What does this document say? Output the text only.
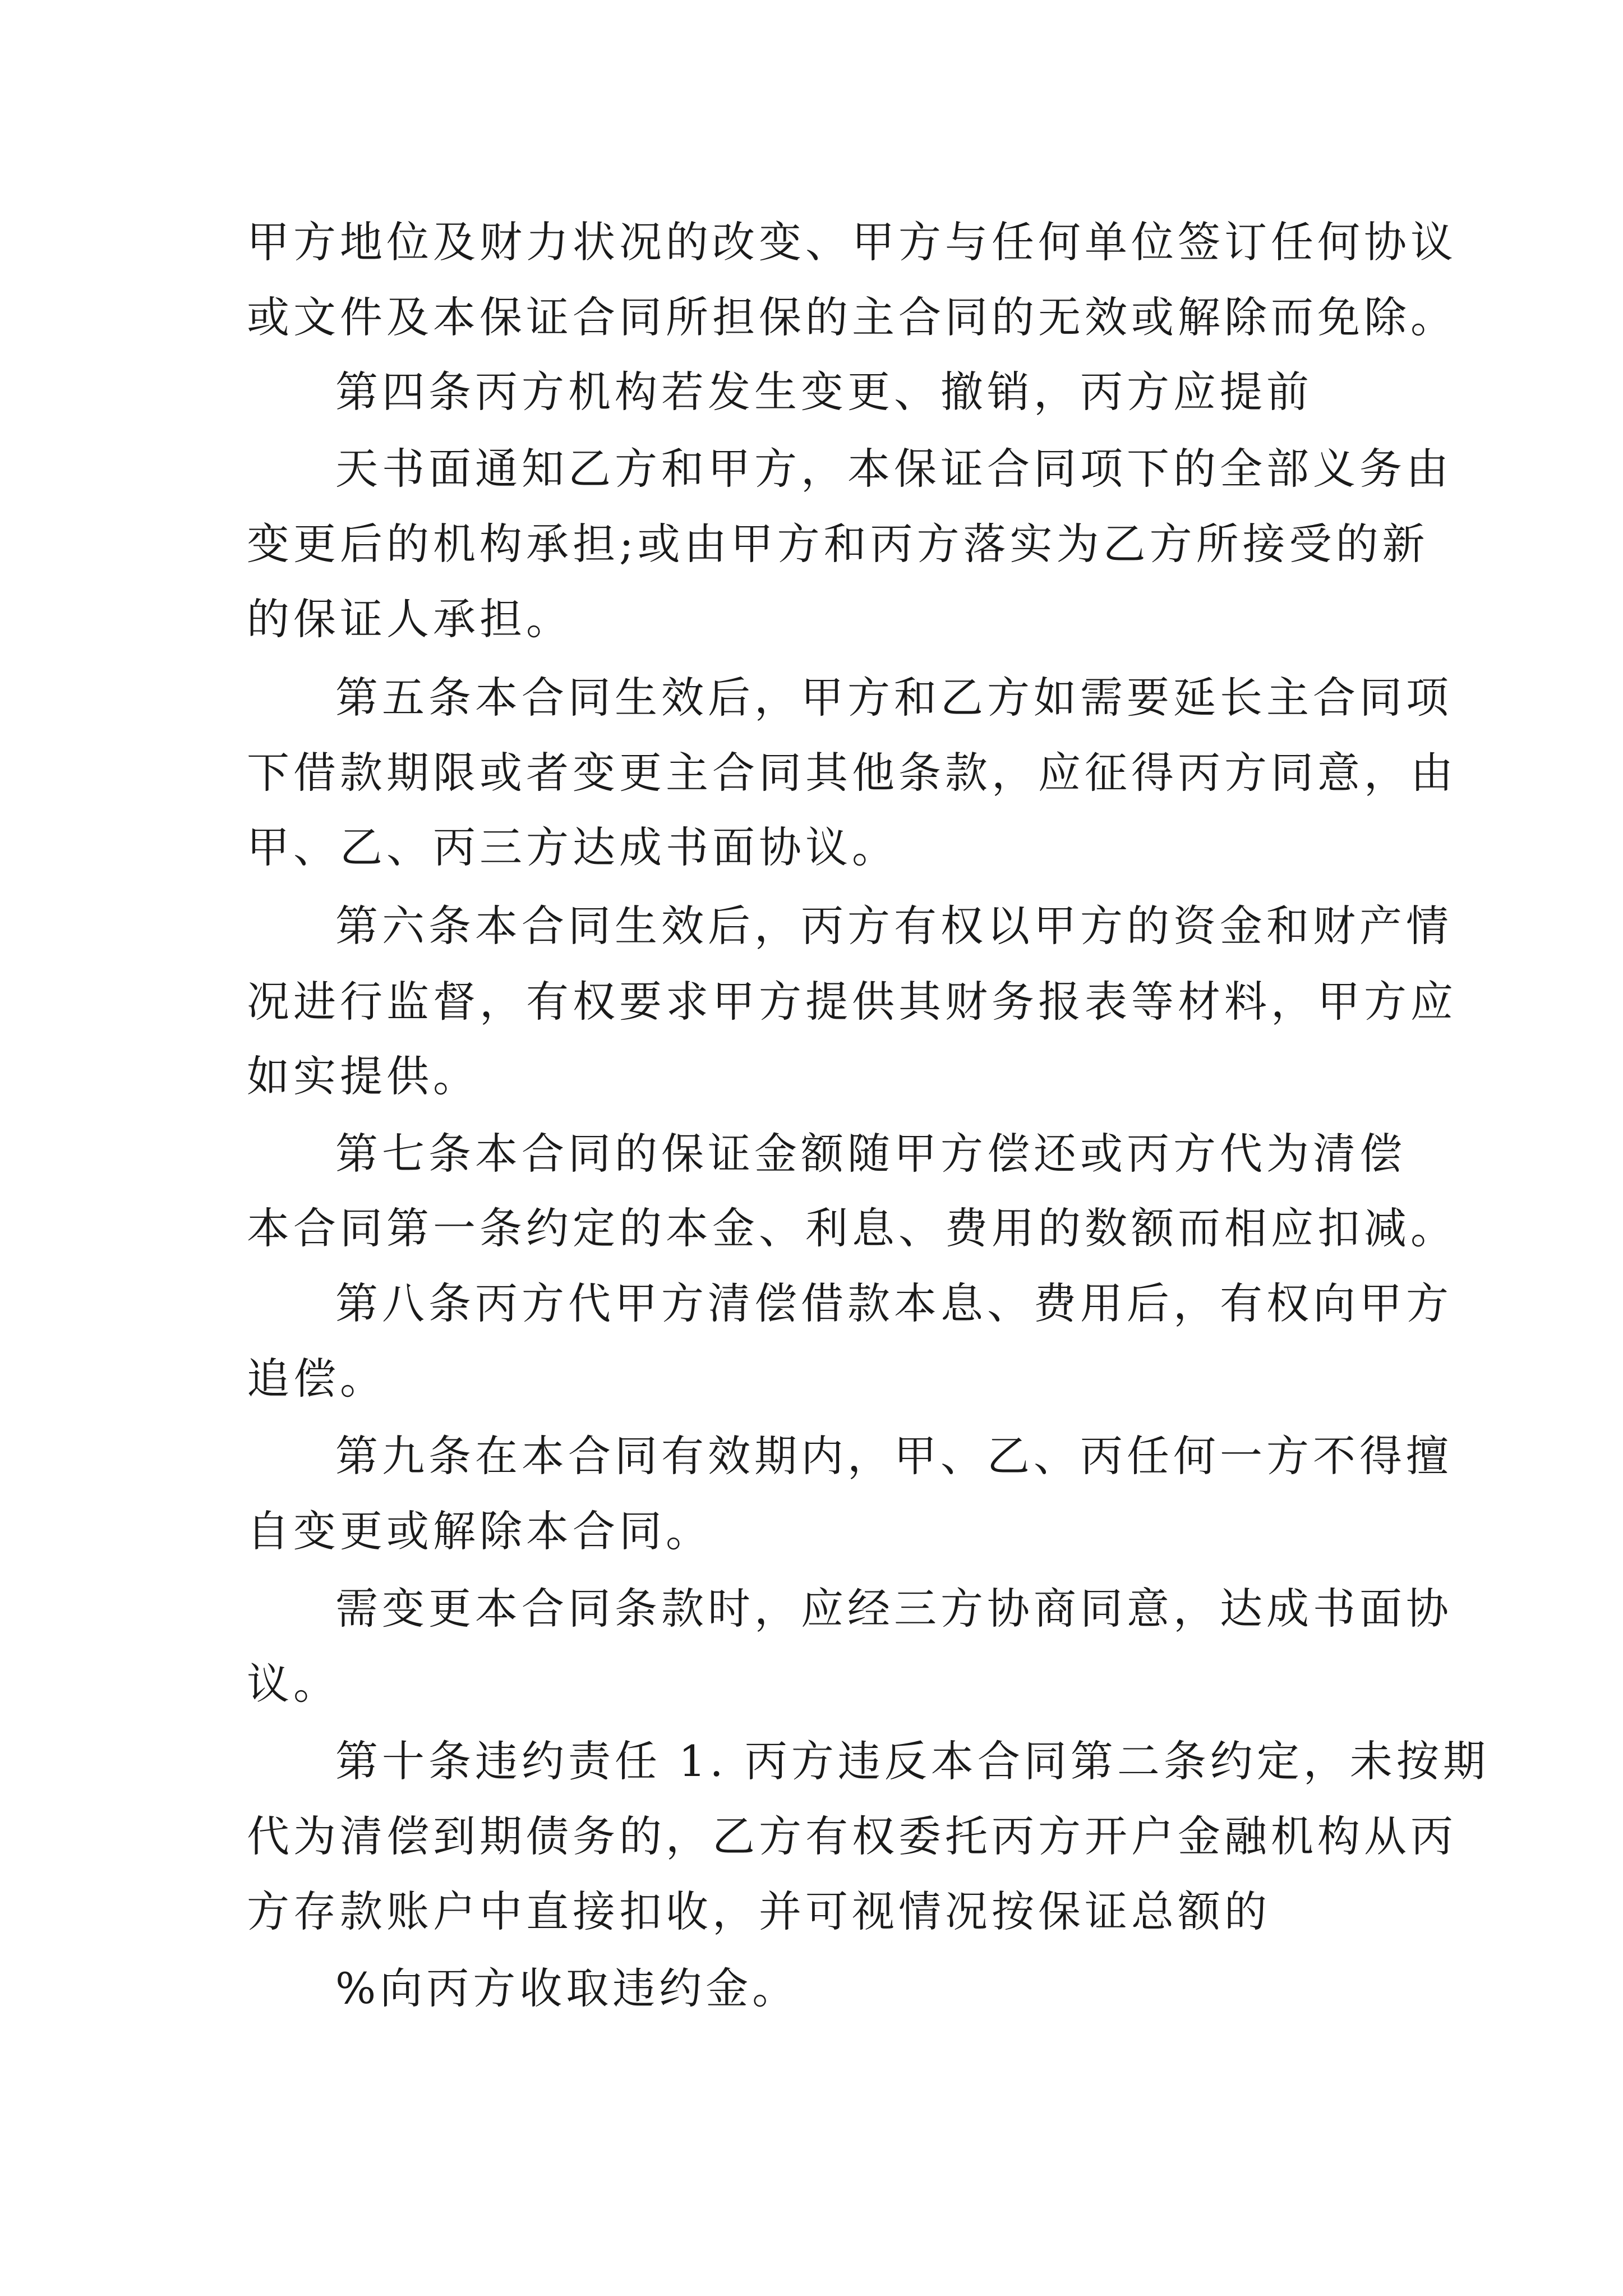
甲方地位及财力状况的改变、甲方与任何单位签订任何协议
或文件及本保证合同所担保的主合同的无效或解除而免除。
第四条丙方机构若发生变更、撤销，丙方应提前
天书面通知乙方和甲方，本保证合同项下的全部义务由
变更后的机构承担;或由甲方和丙方落实为乙方所接受的新
的保证人承担。
第五条本合同生效后，甲方和乙方如需要延长主合同项
下借款期限或者变更主合同其他条款，应征得丙方同意，由
甲、乙、丙三方达成书面协议。
第六条本合同生效后，丙方有权以甲方的资金和财产情
况进行监督，有权要求甲方提供其财务报表等材料，甲方应
如实提供。
第七条本合同的保证金额随甲方偿还或丙方代为清偿
本合同第一条约定的本金、利息、费用的数额而相应扣减。
第八条丙方代甲方清偿借款本息、费用后，有权向甲方
追偿。
第九条在本合同有效期内，甲、乙、丙任何一方不得擅
自变更或解除本合同。
需变更本合同条款时，应经三方协商同意，达成书面协
议。
第十条违约责任 1. 丙方违反本合同第二条约定，未按期
代为清偿到期债务的，乙方有权委托丙方开户金融机构从丙
方存款账户中直接扣收，并可视情况按保证总额的
%向丙方收取违约金。
